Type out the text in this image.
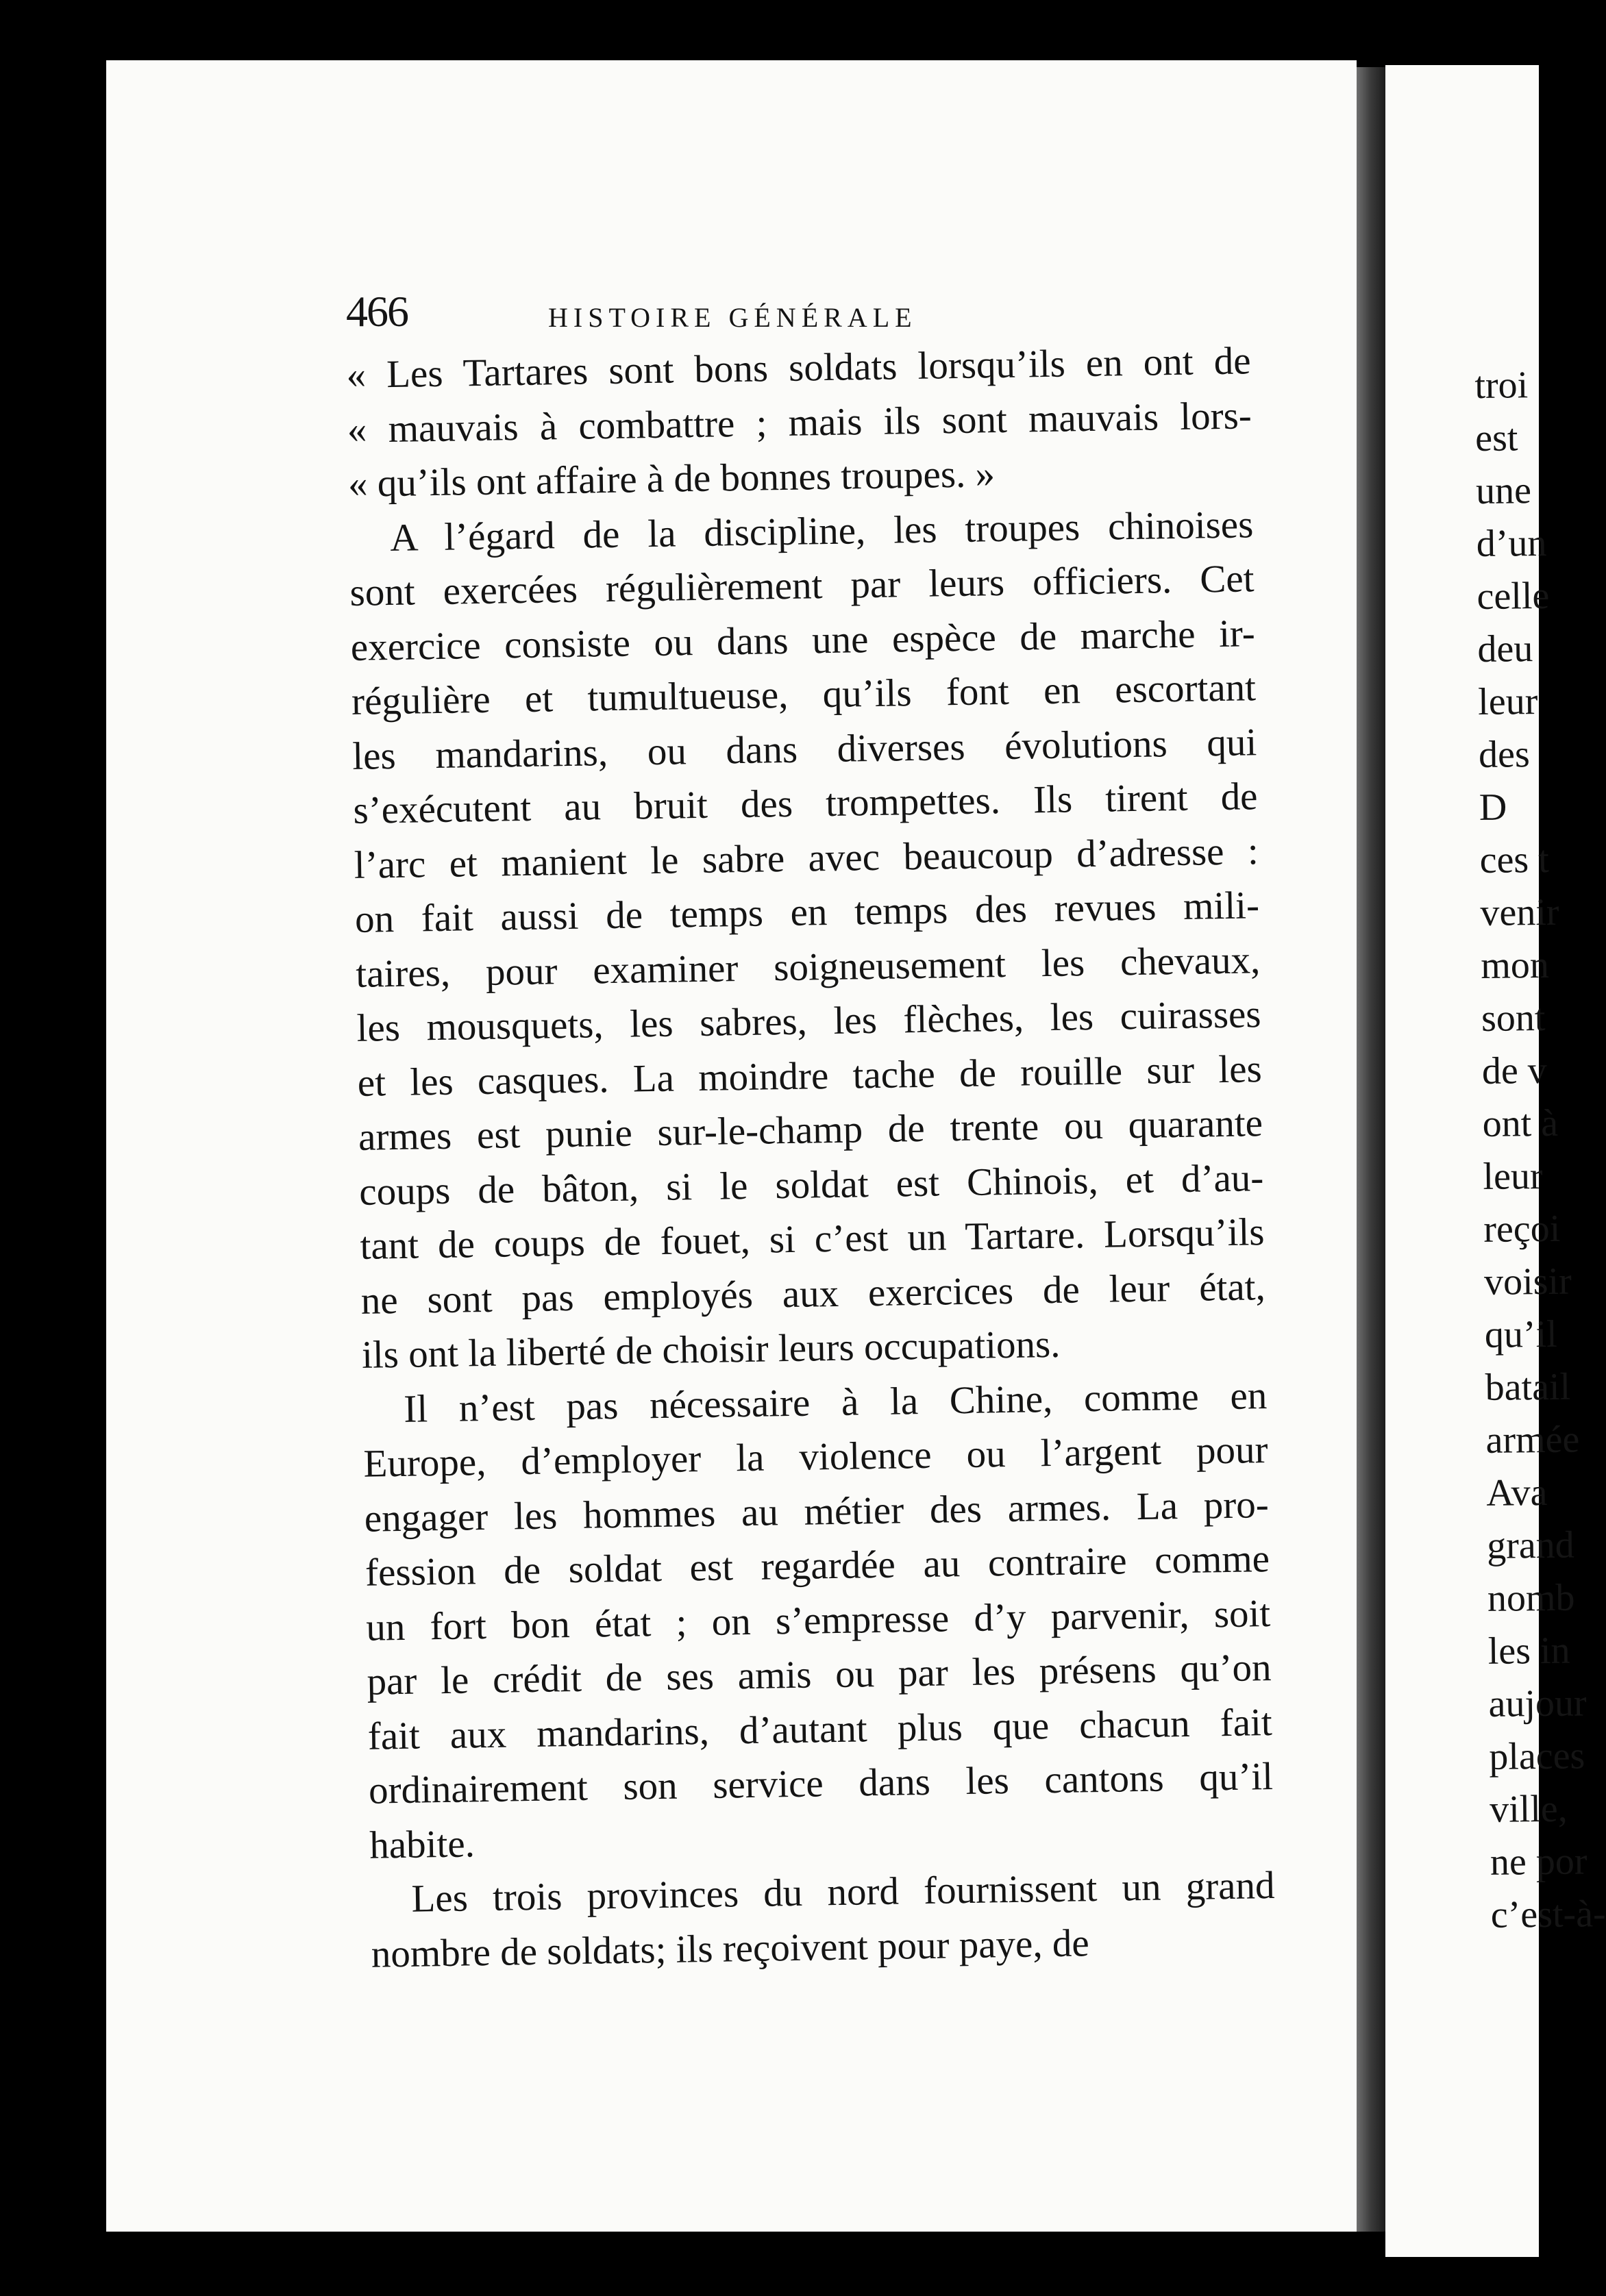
466	HISTOIRE GÉNÉRALE
« Les Tartares sont bons soldats lorsqu’ils en ont de
« mauvais à combattre ; mais ils sont mauvais lors-
« qu’ils ont affaire à de bonnes troupes. »
A l’égard de la discipline, les troupes chinoises
sont exercées régulièrement par leurs officiers. Cet
exercice consiste ou dans une espèce de marche ir-
régulière et tumultueuse, qu’ils font en escortant
les mandarins, ou dans diverses évolutions qui
s’exécutent au bruit des trompettes. Ils tirent de
l’arc et manient le sabre avec beaucoup d’adresse :
on fait aussi de temps en temps des revues mili-
taires, pour examiner soigneusement les chevaux,
les mousquets, les sabres, les flèches, les cuirasses
et les casques. La moindre tache de rouille sur les
armes est punie sur-le-champ de trente ou quarante
coups de bâton, si le soldat est Chinois, et d’au-
tant de coups de fouet, si c’est un Tartare. Lorsqu’ils
ne sont pas employés aux exercices de leur état,
ils ont la liberté de choisir leurs occupations.
Il n’est pas nécessaire à la Chine, comme en
Europe, d’employer la violence ou l’argent pour
engager les hommes au métier des armes. La pro-
fession de soldat est regardée au contraire comme
un fort bon état ; on s’empresse d’y parvenir, soit
par le crédit de ses amis ou par les présens qu’on
fait aux mandarins, d’autant plus que chacun fait
ordinairement son service dans les cantons qu’il
habite.
Les trois provinces du nord fournissent un grand
nombre de soldats; ils reçoivent pour paye, de
troi
est
une
d’un
celle
deu
leur
des
D
ces t
venir
mon
sont
de v
ont à
leur
reçoi
voisir
qu’il
batail
armée
Ava
grand
nomb
les in
aujour
places
ville,
ne por
c’est-à-
